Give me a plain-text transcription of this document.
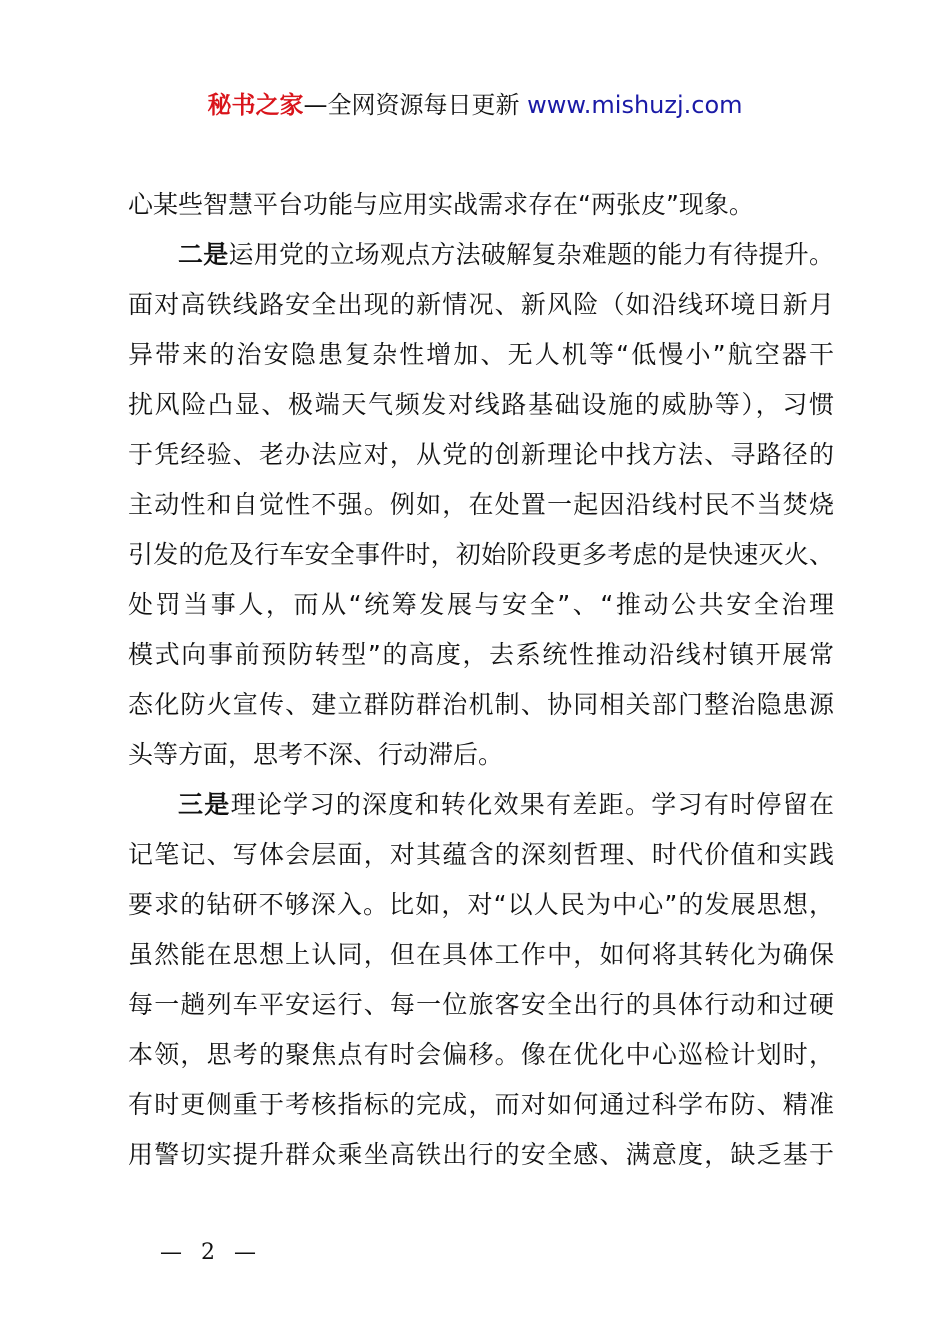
秘书之家—全网资源每日更新 www.mishuzj.com

心某些智慧平台功能与应用实战需求存在“两张皮”现象。

二是运用党的立场观点方法破解复杂难题的能力有待提升。
面对高铁线路安全出现的新情况、新风险（如沿线环境日新月
异带来的治安隐患复杂性增加、无人机等“低慢小”航空器干
扰风险凸显、极端天气频发对线路基础设施的威胁等），习惯
于凭经验、老办法应对，从党的创新理论中找方法、寻路径的
主动性和自觉性不强。例如，在处置一起因沿线村民不当焚烧
引发的危及行车安全事件时，初始阶段更多考虑的是快速灭火、
处罚当事人，而从“统筹发展与安全”、“推动公共安全治理
模式向事前预防转型”的高度，去系统性推动沿线村镇开展常
态化防火宣传、建立群防群治机制、协同相关部门整治隐患源
头等方面，思考不深、行动滞后。

三是理论学习的深度和转化效果有差距。学习有时停留在
记笔记、写体会层面，对其蕴含的深刻哲理、时代价值和实践
要求的钻研不够深入。比如，对“以人民为中心”的发展思想，
虽然能在思想上认同，但在具体工作中，如何将其转化为确保
每一趟列车平安运行、每一位旅客安全出行的具体行动和过硬
本领，思考的聚焦点有时会偏移。像在优化中心巡检计划时，
有时更侧重于考核指标的完成，而对如何通过科学布防、精准
用警切实提升群众乘坐高铁出行的安全感、满意度，缺乏基于

— 2 —
